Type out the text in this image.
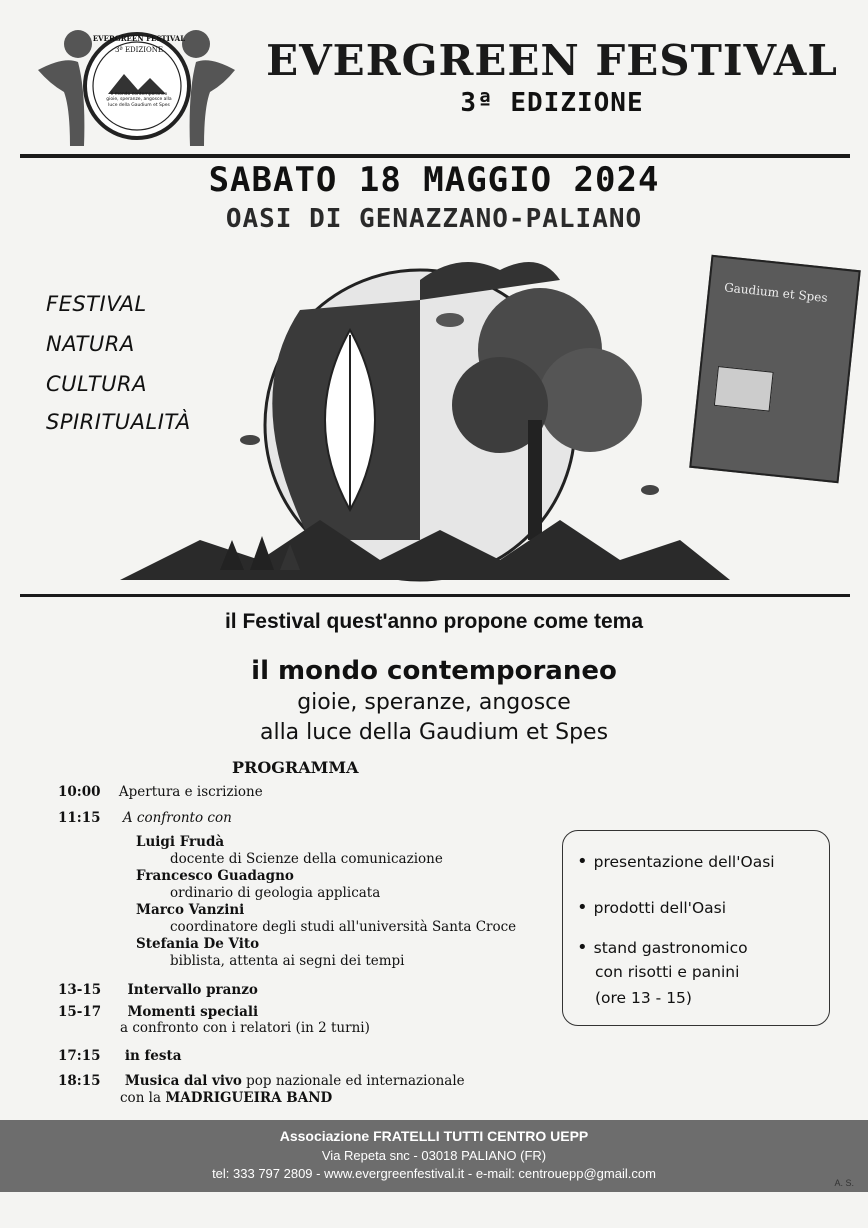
EVERGREEN FESTIVAL
3ª EDIZIONE
Il mondo contemporaneo gioie, speranze, angosce alla luce della Gaudium et Spes
EVERGREEN FESTIVAL
3ª EDIZIONE
SABATO 18 MAGGIO 2024
OASI DI GENAZZANO-PALIANO
FESTIVAL
NATURA
CULTURA
SPIRITUALITÀ
Gaudium et Spes
il Festival quest'anno propone come tema
il mondo contemporaneo
gioie, speranze, angosce
alla luce della Gaudium et Spes
PROGRAMMA
10:00 Apertura e iscrizione
11:15 A confronto con
Luigi Frudà
docente di Scienze della comunicazione
Francesco Guadagno
ordinario di geologia applicata
Marco Vanzini
coordinatore degli studi all'università Santa Croce
Stefania De Vito
biblista, attenta ai segni dei tempi
13-15 Intervallo pranzo
15-17 Momenti speciali
a confronto con i relatori (in 2 turni)
17:15 in festa
18:15 Musica dal vivo pop nazionale ed internazionale
con la MADRIGUEIRA BAND
• presentazione dell'Oasi
• prodotti dell'Oasi
• stand gastronomico
con risotti e panini
(ore 13 - 15)
Associazione FRATELLI TUTTI CENTRO UEPP
Via Repeta snc - 03018 PALIANO (FR)
tel: 333 797 2809 - www.evergreenfestival.it - e-mail: centrouepp@gmail.com
A. S.
